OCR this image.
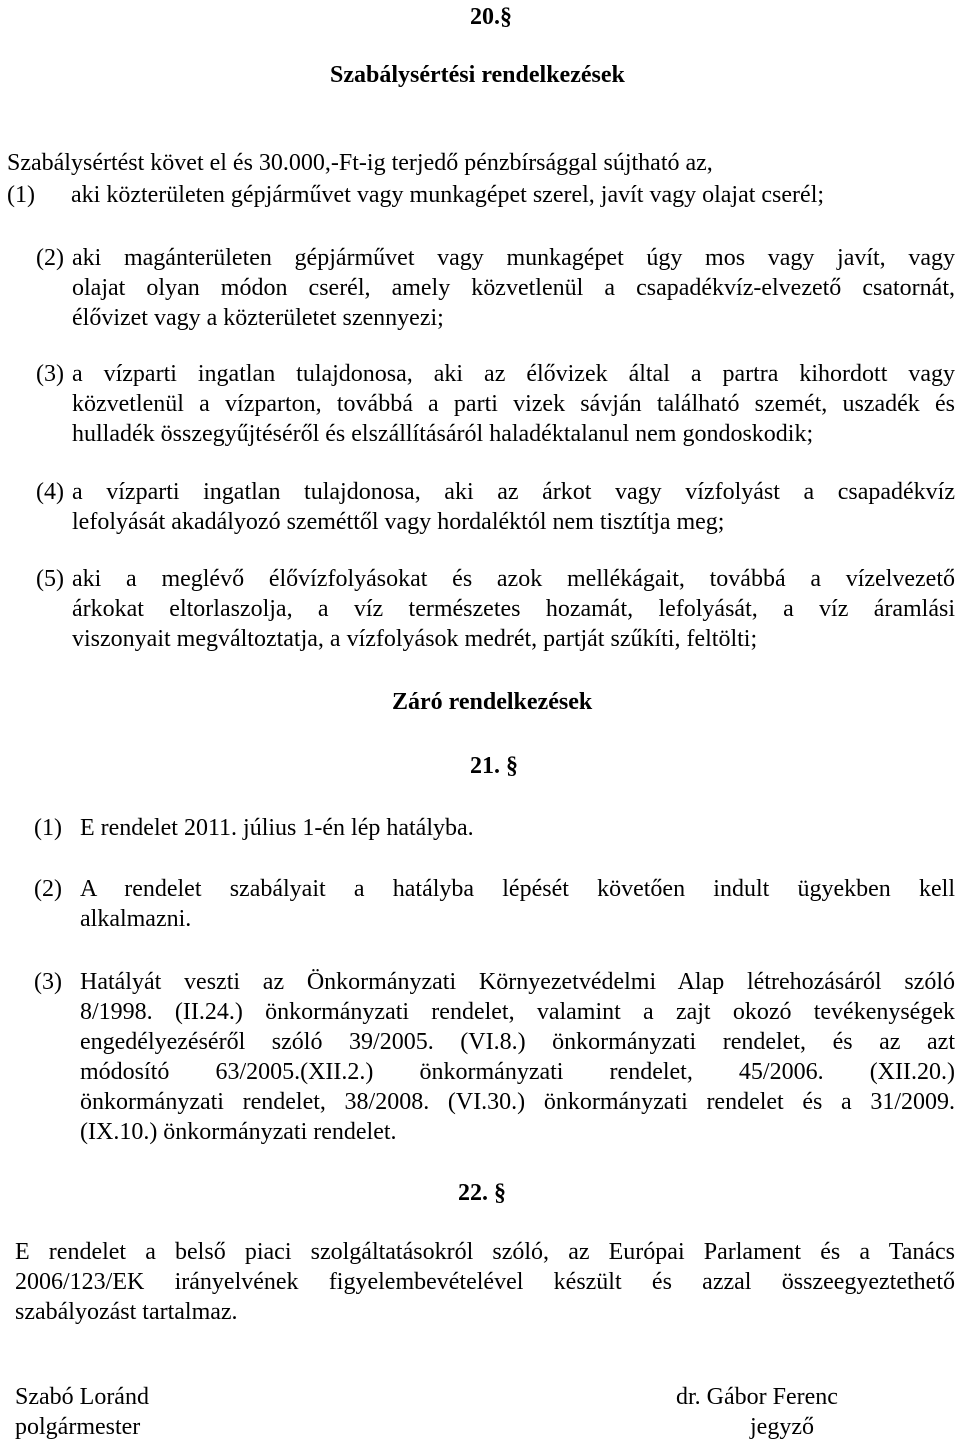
20.§
Szabálysértési rendelkezések
Szabálysértést követ el és 30.000,-Ft-ig terjedő pénzbírsággal sújtható az,
(1) aki közterületen gépjárművet vagy munkagépet szerel, javít vagy olajat cserél;
(2) aki magánterületen gépjárművet vagy munkagépet úgy mos vagy javít, vagy
olajat olyan módon cserél, amely közvetlenül a csapadékvíz-elvezető csatornát,
élővizet vagy a közterületet szennyezi;
(3) a vízparti ingatlan tulajdonosa, aki az élővizek által a partra kihordott vagy
közvetlenül a vízparton, továbbá a parti vizek sávján található szemét, uszadék és
hulladék összegyűjtéséről és elszállításáról haladéktalanul nem gondoskodik;
(4) a vízparti ingatlan tulajdonosa, aki az árkot vagy vízfolyást a csapadékvíz
lefolyását akadályozó szeméttől vagy hordaléktól nem tisztítja meg;
(5) aki a meglévő élővízfolyásokat és azok mellékágait, továbbá a vízelvezető
árkokat eltorlaszolja, a víz természetes hozamát, lefolyását, a víz áramlási
viszonyait megváltoztatja, a vízfolyások medrét, partját szűkíti, feltölti;
Záró rendelkezések
21. §
(1) E rendelet 2011. július 1-én lép hatályba.
(2) A rendelet szabályait a hatályba lépését követően indult ügyekben kell
alkalmazni.
(3) Hatályát veszti az Önkormányzati Környezetvédelmi Alap létrehozásáról szóló
8/1998. (II.24.) önkormányzati rendelet, valamint a zajt okozó tevékenységek
engedélyezéséről szóló 39/2005. (VI.8.) önkormányzati rendelet, és az azt
módosító 63/2005.(XII.2.) önkormányzati rendelet, 45/2006. (XII.20.)
önkormányzati rendelet, 38/2008. (VI.30.) önkormányzati rendelet és a 31/2009.
(IX.10.) önkormányzati rendelet.
22. §
E rendelet a belső piaci szolgáltatásokról szóló, az Európai Parlament és a Tanács
2006/123/EK irányelvének figyelembevételével készült és azzal összeegyeztethető
szabályozást tartalmaz.
Szabó Loránd
polgármester
dr. Gábor Ferenc
jegyző
